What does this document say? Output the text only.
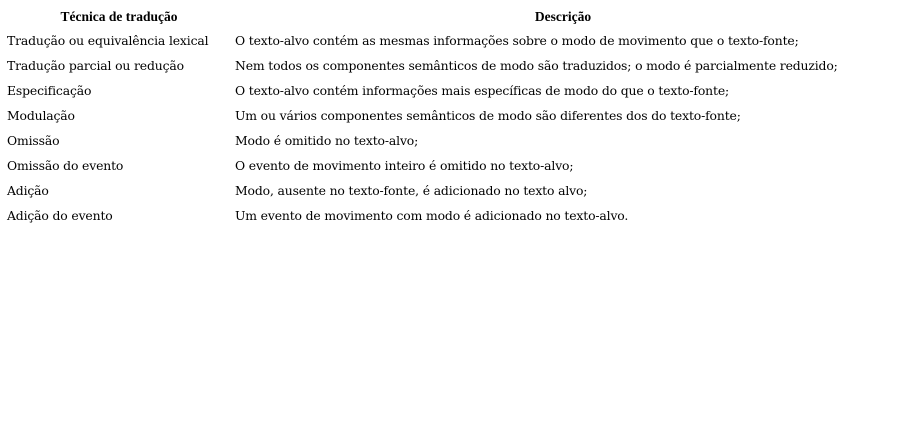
Técnica de tradução	Descrição
Tradução ou equivalência lexical	O texto-alvo contém as mesmas informações sobre o modo de movimento que o texto-fonte;
Tradução parcial ou redução	Nem todos os componentes semânticos de modo são traduzidos; o modo é parcialmente reduzido;
Especificação	O texto-alvo contém informações mais específicas de modo do que o texto-fonte;
Modulação	Um ou vários componentes semânticos de modo são diferentes dos do texto-fonte;
Omissão	Modo é omitido no texto-alvo;
Omissão do evento	O evento de movimento inteiro é omitido no texto-alvo;
Adição	Modo, ausente no texto-fonte, é adicionado no texto alvo;
Adição do evento	Um evento de movimento com modo é adicionado no texto-alvo.
